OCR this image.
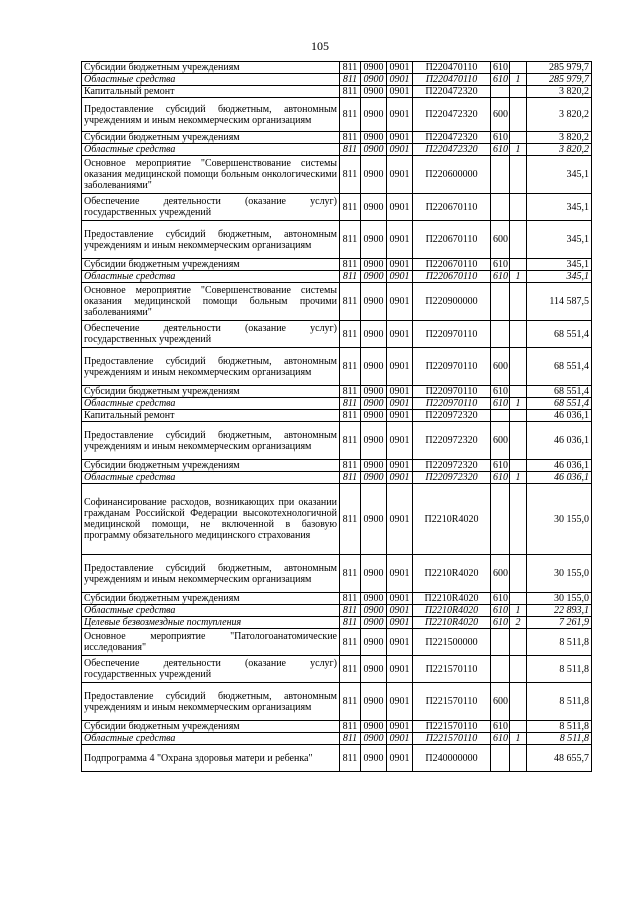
105
Субсидии бюджетным учреждениям	811	0900	0901	П220470110	610		285 979,7
Областные средства	811	0900	0901	П220470110	610	1	285 979,7
Капитальный ремонт	811	0900	0901	П220472320			3 820,2
Предоставление субсидий бюджетным, автономным учреждениям и иным некоммерческим организациям	811	0900	0901	П220472320	600		3 820,2
Субсидии бюджетным учреждениям	811	0900	0901	П220472320	610		3 820,2
Областные средства	811	0900	0901	П220472320	610	1	3 820,2
Основное мероприятие "Совершенствование системы оказания медицинской помощи больным онкологическими заболеваниями"	811	0900	0901	П220600000			345,1
Обеспечение деятельности (оказание услуг) государственных учреждений	811	0900	0901	П220670110			345,1
Предоставление субсидий бюджетным, автономным учреждениям и иным некоммерческим организациям	811	0900	0901	П220670110	600		345,1
Субсидии бюджетным учреждениям	811	0900	0901	П220670110	610		345,1
Областные средства	811	0900	0901	П220670110	610	1	345,1
Основное мероприятие "Совершенствование системы оказания медицинской помощи больным прочими заболеваниями"	811	0900	0901	П220900000			114 587,5
Обеспечение деятельности (оказание услуг) государственных учреждений	811	0900	0901	П220970110			68 551,4
Предоставление субсидий бюджетным, автономным учреждениям и иным некоммерческим организациям	811	0900	0901	П220970110	600		68 551,4
Субсидии бюджетным учреждениям	811	0900	0901	П220970110	610		68 551,4
Областные средства	811	0900	0901	П220970110	610	1	68 551,4
Капитальный ремонт	811	0900	0901	П220972320			46 036,1
Предоставление субсидий бюджетным, автономным учреждениям и иным некоммерческим организациям	811	0900	0901	П220972320	600		46 036,1
Субсидии бюджетным учреждениям	811	0900	0901	П220972320	610		46 036,1
Областные средства	811	0900	0901	П220972320	610	1	46 036,1
Софинансирование расходов, возникающих при оказании гражданам Российской Федерации высокотехнологичной медицинской помощи, не включенной в базовую программу обязательного медицинского страхования	811	0900	0901	П2210R4020			30 155,0
Предоставление субсидий бюджетным, автономным учреждениям и иным некоммерческим организациям	811	0900	0901	П2210R4020	600		30 155,0
Субсидии бюджетным учреждениям	811	0900	0901	П2210R4020	610		30 155,0
Областные средства	811	0900	0901	П2210R4020	610	1	22 893,1
Целевые безвозмездные поступления	811	0900	0901	П2210R4020	610	2	7 261,9
Основное мероприятие "Патологоанатомические исследования"	811	0900	0901	П221500000			8 511,8
Обеспечение деятельности (оказание услуг) государственных учреждений	811	0900	0901	П221570110			8 511,8
Предоставление субсидий бюджетным, автономным учреждениям и иным некоммерческим организациям	811	0900	0901	П221570110	600		8 511,8
Субсидии бюджетным учреждениям	811	0900	0901	П221570110	610		8 511,8
Областные средства	811	0900	0901	П221570110	610	1	8 511,8
Подпрограмма 4 "Охрана здоровья матери и ребенка"	811	0900	0901	П240000000			48 655,7
